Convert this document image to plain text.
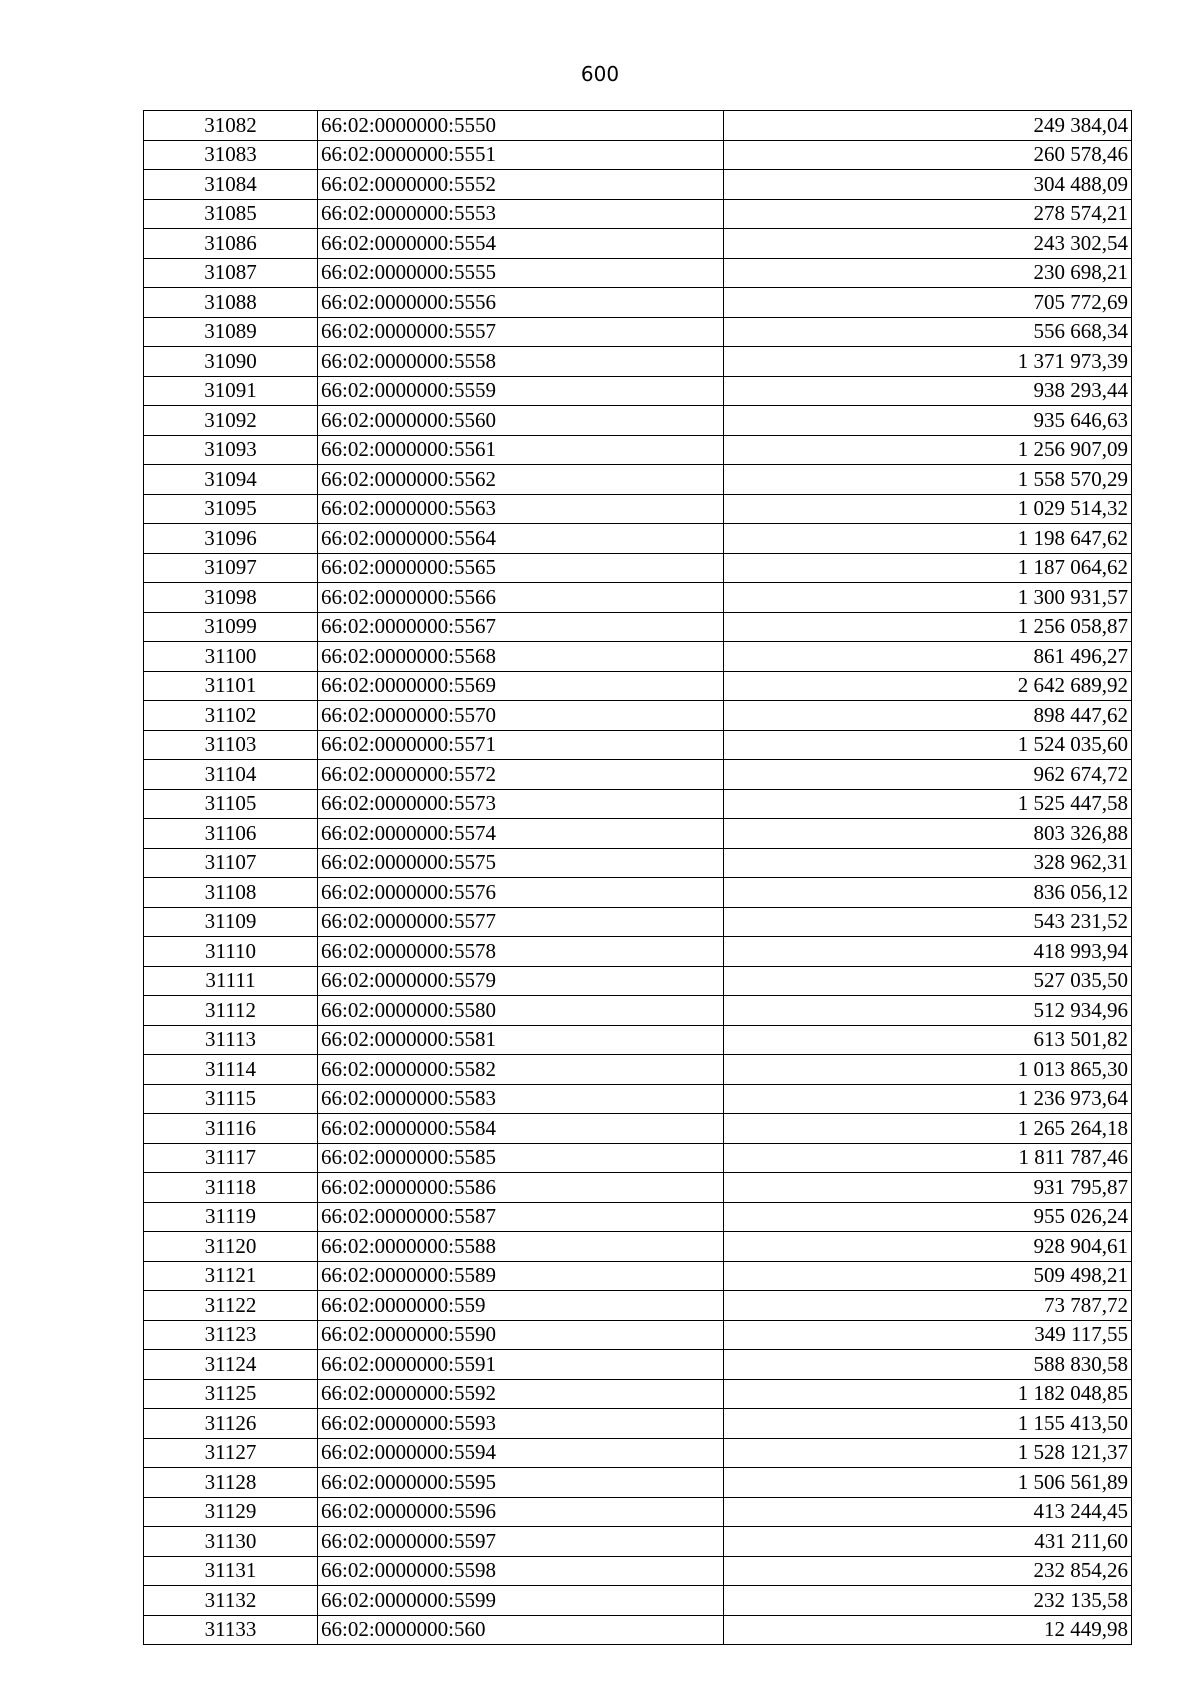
600
31082	66:02:0000000:5550	249 384,04
31083	66:02:0000000:5551	260 578,46
31084	66:02:0000000:5552	304 488,09
31085	66:02:0000000:5553	278 574,21
31086	66:02:0000000:5554	243 302,54
31087	66:02:0000000:5555	230 698,21
31088	66:02:0000000:5556	705 772,69
31089	66:02:0000000:5557	556 668,34
31090	66:02:0000000:5558	1 371 973,39
31091	66:02:0000000:5559	938 293,44
31092	66:02:0000000:5560	935 646,63
31093	66:02:0000000:5561	1 256 907,09
31094	66:02:0000000:5562	1 558 570,29
31095	66:02:0000000:5563	1 029 514,32
31096	66:02:0000000:5564	1 198 647,62
31097	66:02:0000000:5565	1 187 064,62
31098	66:02:0000000:5566	1 300 931,57
31099	66:02:0000000:5567	1 256 058,87
31100	66:02:0000000:5568	861 496,27
31101	66:02:0000000:5569	2 642 689,92
31102	66:02:0000000:5570	898 447,62
31103	66:02:0000000:5571	1 524 035,60
31104	66:02:0000000:5572	962 674,72
31105	66:02:0000000:5573	1 525 447,58
31106	66:02:0000000:5574	803 326,88
31107	66:02:0000000:5575	328 962,31
31108	66:02:0000000:5576	836 056,12
31109	66:02:0000000:5577	543 231,52
31110	66:02:0000000:5578	418 993,94
31111	66:02:0000000:5579	527 035,50
31112	66:02:0000000:5580	512 934,96
31113	66:02:0000000:5581	613 501,82
31114	66:02:0000000:5582	1 013 865,30
31115	66:02:0000000:5583	1 236 973,64
31116	66:02:0000000:5584	1 265 264,18
31117	66:02:0000000:5585	1 811 787,46
31118	66:02:0000000:5586	931 795,87
31119	66:02:0000000:5587	955 026,24
31120	66:02:0000000:5588	928 904,61
31121	66:02:0000000:5589	509 498,21
31122	66:02:0000000:559	73 787,72
31123	66:02:0000000:5590	349 117,55
31124	66:02:0000000:5591	588 830,58
31125	66:02:0000000:5592	1 182 048,85
31126	66:02:0000000:5593	1 155 413,50
31127	66:02:0000000:5594	1 528 121,37
31128	66:02:0000000:5595	1 506 561,89
31129	66:02:0000000:5596	413 244,45
31130	66:02:0000000:5597	431 211,60
31131	66:02:0000000:5598	232 854,26
31132	66:02:0000000:5599	232 135,58
31133	66:02:0000000:560	12 449,98
